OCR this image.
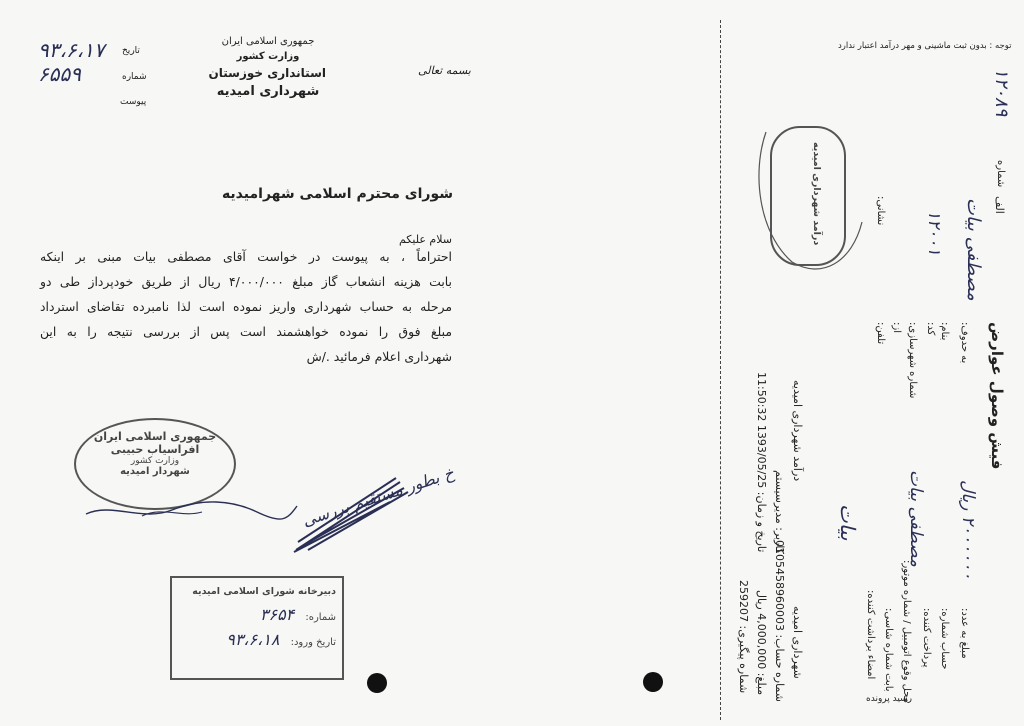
۹۳،۶،۱۷ تاریخ
۶۵۵۹	شماره
پیوست
جمهوری اسلامی ایران
وزارت کشور
استانداری خوزستان
شهرداری امیدیه
بسمه تعالی
شورای محترم اسلامی شهرامیدیه
سلام علیکم
احتراماً ، به پیوست در خواست آقای مصطفی بیات مبنی بر اینکه
بابت هزینه انشعاب گاز مبلغ ۴/۰۰۰/۰۰۰ ریال از طریق خودپرداز طی دو
مرحله به حساب شهرداری واریز نموده است لذا نامبرده تقاضای استرداد
مبلغ فوق را نموده خواهشمند است پس از بررسی نتیجه را به این
شهرداری اعلام فرمائید ./ش
جمهوری اسلامی ایران
افراسیاب حبیبی
وزارت کشور
شهردار امیدیه	خ بطور مستقیم بررسی
دبیرخانه شورای اسلامی امیدیه
شماره: ۳۶۵۴
تاریخ ورود: ۹۳،۶،۱۸
توجه : بدون ثبت ماشینی و مهر درآمد اعتبار ندارد
الف
شماره
۱۲۰۸۹
فیش وصول عوارض
به حدوف:
مصطفی بیات
بنام:
کد:
۱۲۰۰۱
شماره شهرسازی:
از:
تلفن:
نشانی:
مبلغ به عدد:
۲۰۰۰۰۰۰ ریال
حساب شماره:
پرداخت کننده:
مصطفی بیات
محل وقوع اتومبیل / شماره موتور:
بابت شماره شاسی:
امضاء برداشت کننده:
بیات
رسید پرونده
درآمد شهرداری امیدیه
کاربر: مدیرسیستم
تاریخ و زمان: 1393/05/25 11:50:32
شهرداری امیدیه
شماره حساب: 0105458960003
مبلغ: 4,000,000 ریال
شماره پیگیری: 259207
درآمد شهرداری امیدیه
